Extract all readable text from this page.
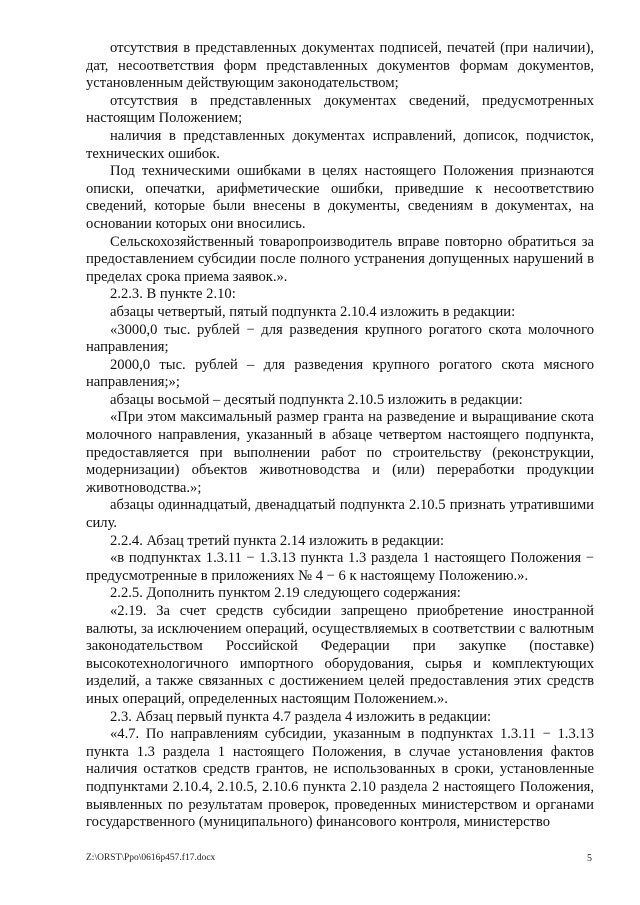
отсутствия в представленных документах подписей, печатей (при наличии), дат, несоответствия форм представленных документов формам документов, установленным действующим законодательством;

отсутствия в представленных документах сведений, предусмотренных настоящим Положением;

наличия в представленных документах исправлений, дописок, подчисток, технических ошибок.

Под техническими ошибками в целях настоящего Положения признаются описки, опечатки, арифметические ошибки, приведшие к несоответствию сведений, которые были внесены в документы, сведениям в документах, на основании которых они вносились.

Сельскохозяйственный товаропроизводитель вправе повторно обратиться за предоставлением субсидии после полного устранения допущенных нарушений в пределах срока приема заявок.».

2.2.3. В пункте 2.10:

абзацы четвертый, пятый подпункта 2.10.4 изложить в редакции:

«3000,0 тыс. рублей − для разведения крупного рогатого скота молочного направления;

2000,0 тыс. рублей – для разведения крупного рогатого скота мясного направления;»;

абзацы восьмой – десятый подпункта 2.10.5 изложить в редакции:

«При этом максимальный размер гранта на разведение и выращивание скота молочного направления, указанный в абзаце четвертом настоящего подпункта, предоставляется при выполнении работ по строительству (реконструкции, модернизации) объектов животноводства и (или) переработки продукции животноводства.»;

абзацы одиннадцатый, двенадцатый подпункта 2.10.5 признать утратившими силу.

2.2.4. Абзац третий пункта 2.14 изложить в редакции:

«в подпунктах 1.3.11 − 1.3.13 пункта 1.3 раздела 1 настоящего Положения − предусмотренные в приложениях № 4 − 6 к настоящему Положению.».

2.2.5. Дополнить пунктом 2.19 следующего содержания:

«2.19. За счет средств субсидии запрещено приобретение иностранной валюты, за исключением операций, осуществляемых в соответствии с валютным законодательством Российской Федерации при закупке (поставке) высокотехнологичного импортного оборудования, сырья и комплектующих изделий, а также связанных с достижением целей предоставления этих средств иных операций, определенных настоящим Положением.».

2.3. Абзац первый пункта 4.7 раздела 4 изложить в редакции:

«4.7. По направлениям субсидии, указанным в подпунктах 1.3.11 − 1.3.13 пункта 1.3 раздела 1 настоящего Положения, в случае установления фактов наличия остатков средств грантов, не использованных в сроки, установленные подпунктами 2.10.4, 2.10.5, 2.10.6 пункта 2.10 раздела 2 настоящего Положения, выявленных по результатам проверок, проведенных министерством и органами государственного (муниципального) финансового контроля, министерство

Z:\ORST\Ppo\0616p457.f17.docx	5
